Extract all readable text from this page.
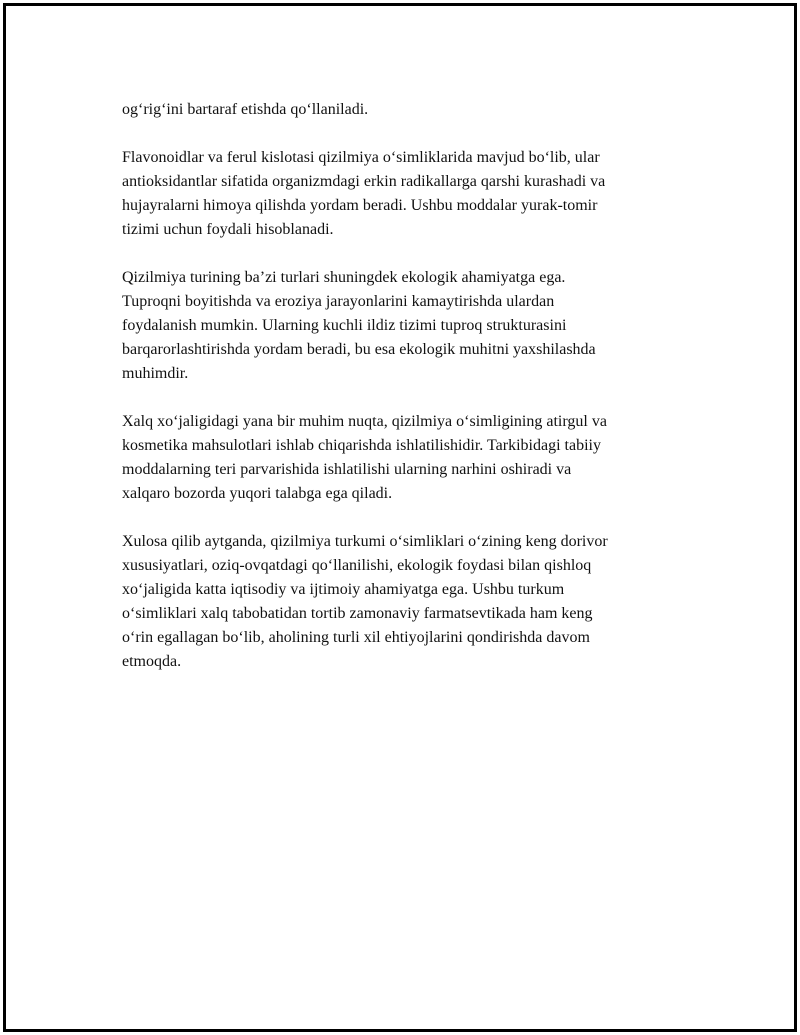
og‘rig‘ini bartaraf etishda qo‘llaniladi.

Flavonoidlar va ferul kislotasi qizilmiya o‘simliklarida mavjud bo‘lib, ular
antioksidantlar sifatida organizmdagi erkin radikallarga qarshi kurashadi va
hujayralarni himoya qilishda yordam beradi. Ushbu moddalar yurak-tomir
tizimi uchun foydali hisoblanadi.

Qizilmiya turining ba’zi turlari shuningdek ekologik ahamiyatga ega.
Tuproqni boyitishda va eroziya jarayonlarini kamaytirishda ulardan
foydalanish mumkin. Ularning kuchli ildiz tizimi tuproq strukturasini
barqarorlashtirishda yordam beradi, bu esa ekologik muhitni yaxshilashda
muhimdir.

Xalq xo‘jaligidagi yana bir muhim nuqta, qizilmiya o‘simligining atirgul va
kosmetika mahsulotlari ishlab chiqarishda ishlatilishidir. Tarkibidagi tabiiy
moddalarning teri parvarishida ishlatilishi ularning narhini oshiradi va
xalqaro bozorda yuqori talabga ega qiladi.

Xulosa qilib aytganda, qizilmiya turkumi o‘simliklari o‘zining keng dorivor
xususiyatlari, oziq-ovqatdagi qo‘llanilishi, ekologik foydasi bilan qishloq
xo‘jaligida katta iqtisodiy va ijtimoiy ahamiyatga ega. Ushbu turkum
o‘simliklari xalq tabobatidan tortib zamonaviy farmatsevtikada ham keng
o‘rin egallagan bo‘lib, aholining turli xil ehtiyojlarini qondirishda davom
etmoqda.
